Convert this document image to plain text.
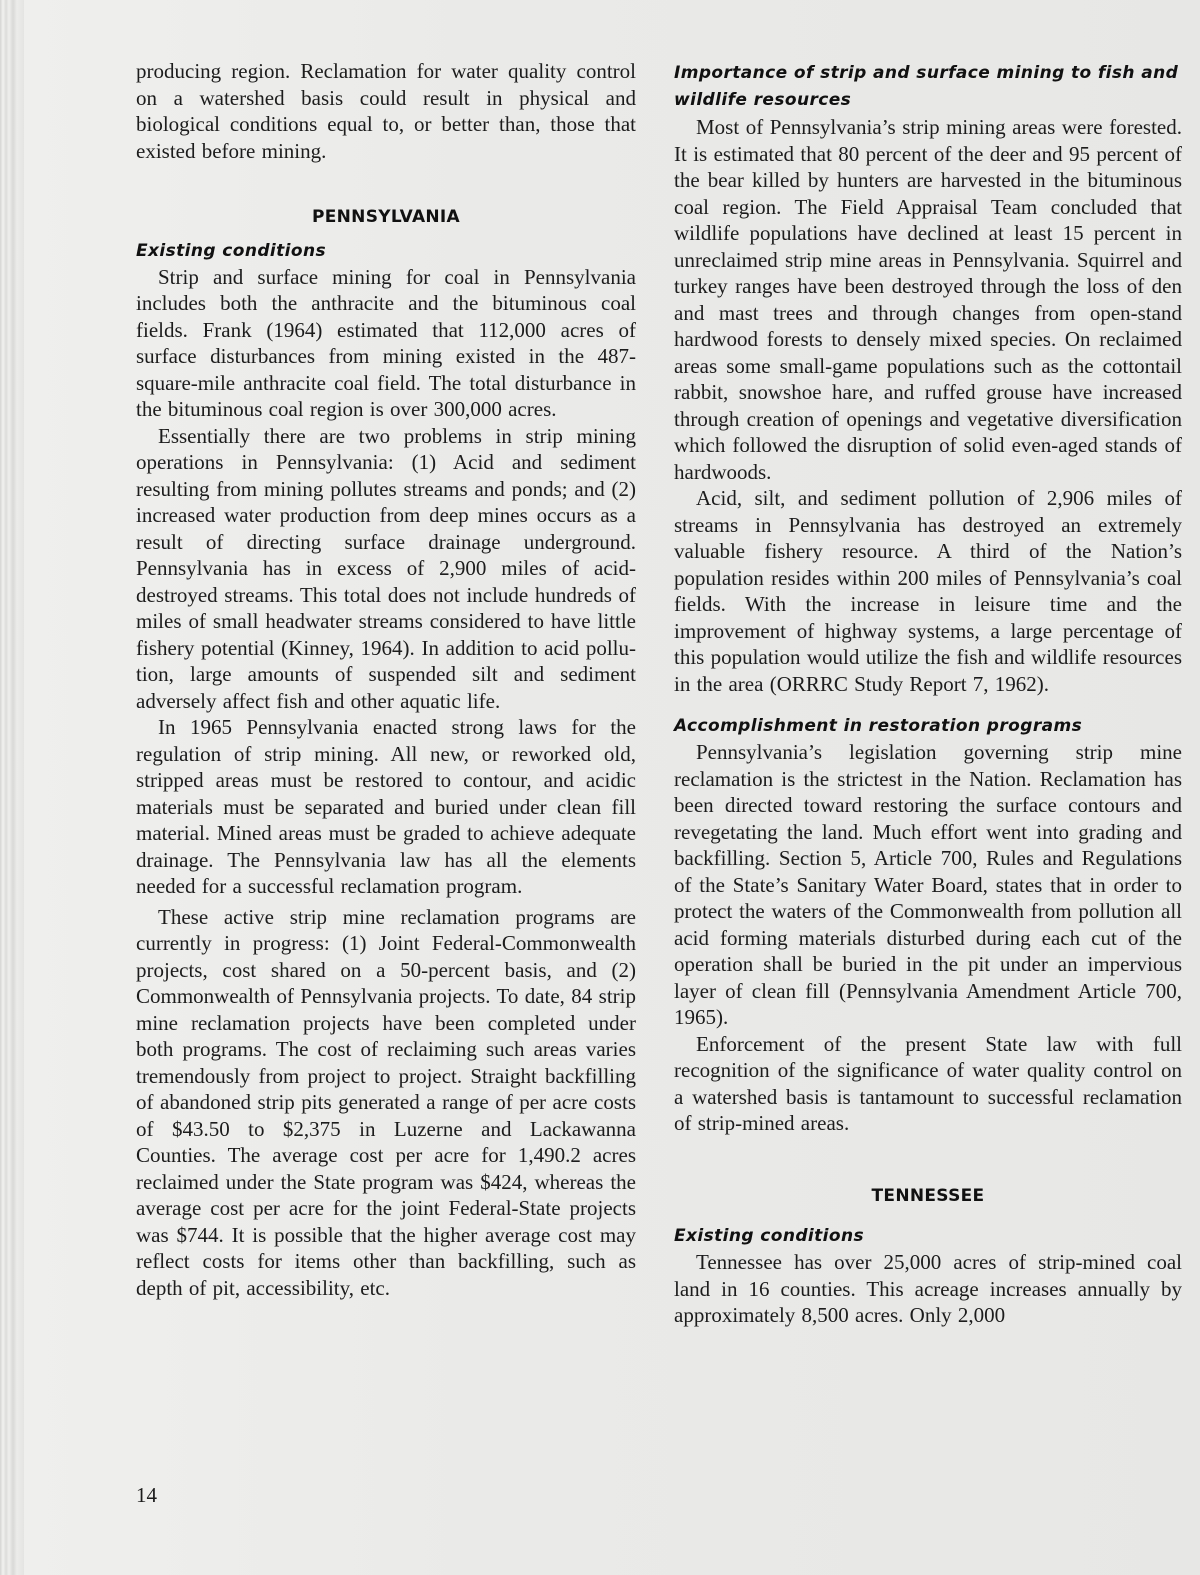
producing region. Reclamation for water quality control on a watershed basis could result in physical and biological conditions equal to, or better than, those that existed before mining.

PENNSYLVANIA

Existing conditions

Strip and surface mining for coal in Pennsylvania includes both the anthracite and the bituminous coal fields. Frank (1964) estimated that 112,000 acres of surface disturbances from mining existed in the 487-square-mile anthracite coal field. The total disturbance in the bituminous coal region is over 300,000 acres.

Essentially there are two problems in strip mining operations in Pennsylvania: (1) Acid and sediment resulting from mining pollutes streams and ponds; and (2) increased water production from deep mines occurs as a result of directing surface drainage underground. Pennsylvania has in excess of 2,900 miles of acid-destroyed streams. This total does not include hundreds of miles of small headwater streams considered to have little fishery potential (Kinney, 1964). In addition to acid pollution, large amounts of suspended silt and sediment adversely affect fish and other aquatic life.

In 1965 Pennsylvania enacted strong laws for the regulation of strip mining. All new, or reworked old, stripped areas must be restored to contour, and acidic materials must be separated and buried under clean fill material. Mined areas must be graded to achieve adequate drainage. The Pennsylvania law has all the elements needed for a successful reclamation program.

These active strip mine reclamation programs are currently in progress: (1) Joint Federal-Commonwealth projects, cost shared on a 50-percent basis, and (2) Commonwealth of Pennsylvania projects. To date, 84 strip mine reclamation projects have been completed under both programs. The cost of reclaiming such areas varies tremendously from project to project. Straight backfilling of abandoned strip pits generated a range of per acre costs of $43.50 to $2,375 in Luzerne and Lackawanna Counties. The average cost per acre for 1,490.2 acres reclaimed under the State program was $424, whereas the average cost per acre for the joint Federal-State projects was $744. It is possible that the higher average cost may reflect costs for items other than backfilling, such as depth of pit, accessibility, etc.

Importance of strip and surface mining to fish and wildlife resources

Most of Pennsylvania’s strip mining areas were forested. It is estimated that 80 percent of the deer and 95 percent of the bear killed by hunters are harvested in the bituminous coal region. The Field Appraisal Team concluded that wildlife populations have declined at least 15 percent in unreclaimed strip mine areas in Pennsylvania. Squirrel and turkey ranges have been destroyed through the loss of den and mast trees and through changes from open-stand hardwood forests to densely mixed species. On reclaimed areas some small-game populations such as the cottontail rabbit, snowshoe hare, and ruffed grouse have increased through creation of openings and vegetative diversification which followed the disruption of solid even-aged stands of hardwoods.

Acid, silt, and sediment pollution of 2,906 miles of streams in Pennsylvania has destroyed an extremely valuable fishery resource. A third of the Nation’s population resides within 200 miles of Pennsylvania’s coal fields. With the increase in leisure time and the improvement of highway systems, a large percentage of this population would utilize the fish and wildlife resources in the area (ORRRC Study Report 7, 1962).

Accomplishment in restoration programs

Pennsylvania’s legislation governing strip mine reclamation is the strictest in the Nation. Reclamation has been directed toward restoring the surface contours and revegetating the land. Much effort went into grading and backfilling. Section 5, Article 700, Rules and Regulations of the State’s Sanitary Water Board, states that in order to protect the waters of the Commonwealth from pollution all acid forming materials disturbed during each cut of the operation shall be buried in the pit under an impervious layer of clean fill (Pennsylvania Amendment Article 700, 1965).

Enforcement of the present State law with full recognition of the significance of water quality control on a watershed basis is tantamount to successful reclamation of strip-mined areas.

TENNESSEE

Existing conditions

Tennessee has over 25,000 acres of strip-mined coal land in 16 counties. This acreage increases annually by approximately 8,500 acres. Only 2,000

14
